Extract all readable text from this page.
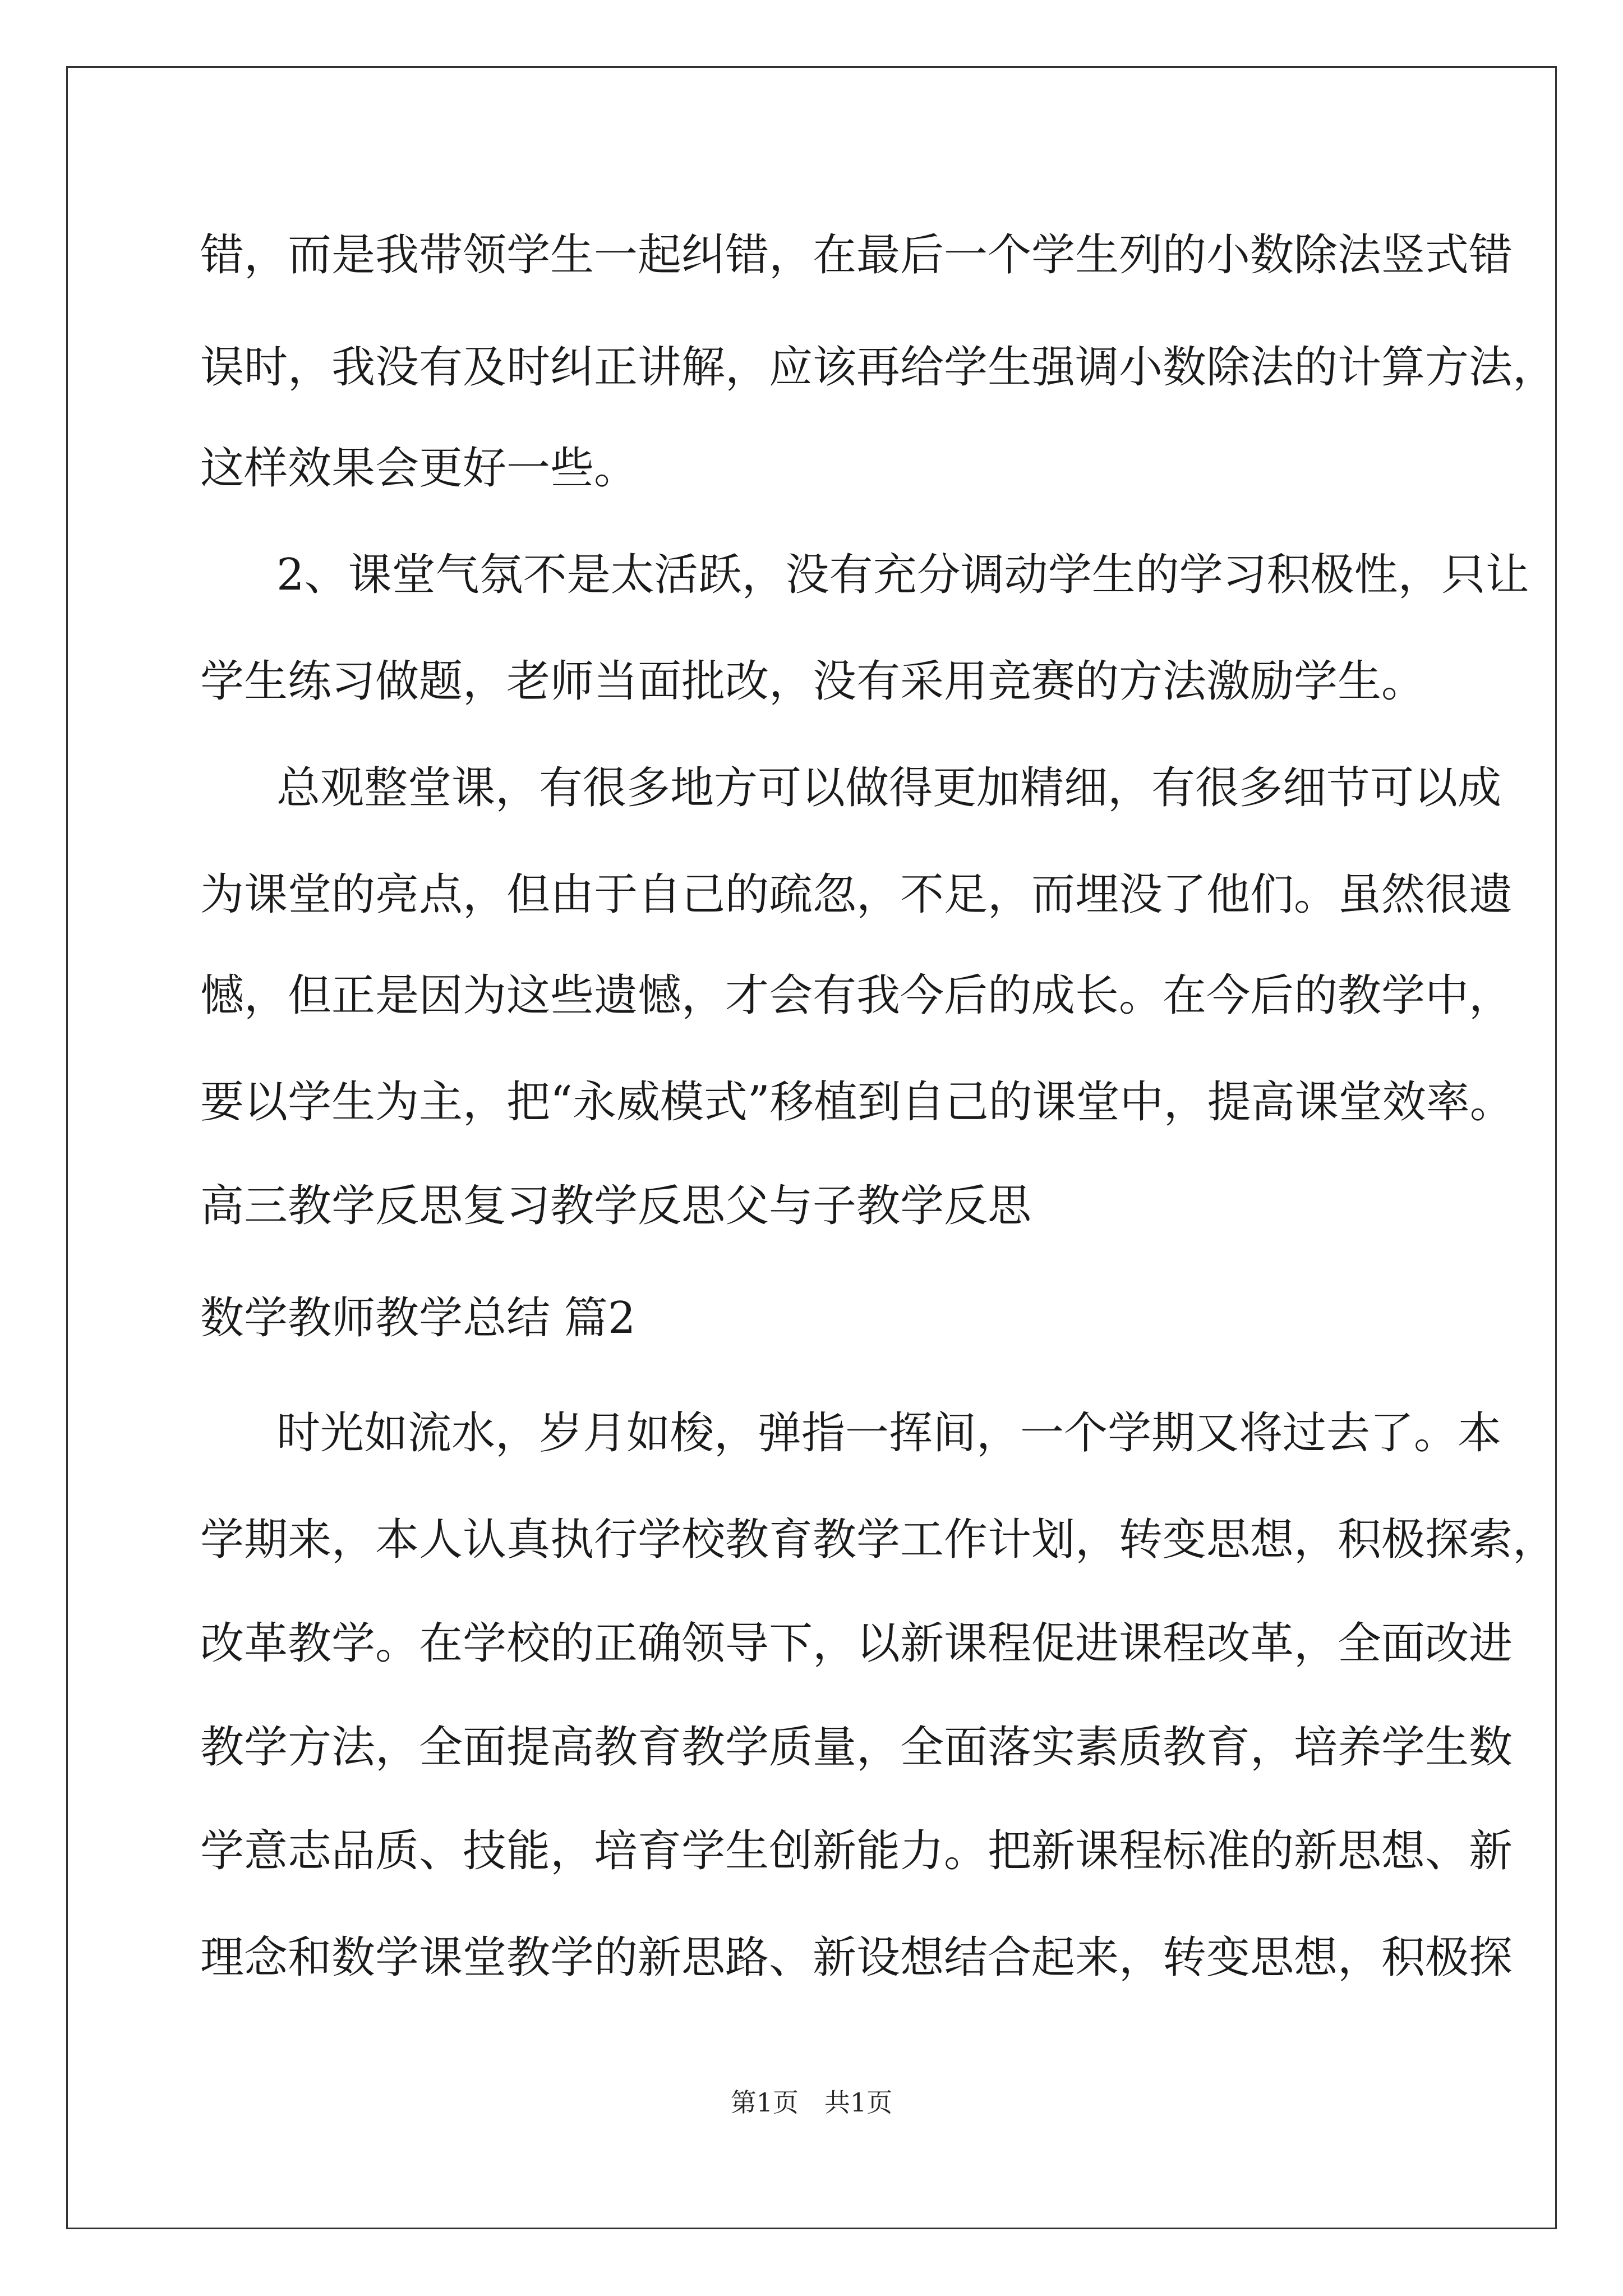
错，而是我带领学生一起纠错，在最后一个学生列的小数除法竖式错
误时，我没有及时纠正讲解，应该再给学生强调小数除法的计算方法，
这样效果会更好一些。
2、课堂气氛不是太活跃，没有充分调动学生的学习积极性，只让
学生练习做题，老师当面批改，没有采用竞赛的方法激励学生。
总观整堂课，有很多地方可以做得更加精细，有很多细节可以成
为课堂的亮点，但由于自己的疏忽，不足，而埋没了他们。虽然很遗
憾，但正是因为这些遗憾，才会有我今后的成长。在今后的教学中，
要以学生为主，把“永威模式”移植到自己的课堂中，提高课堂效率。
高三教学反思复习教学反思父与子教学反思
数学教师教学总结 篇2
时光如流水，岁月如梭，弹指一挥间，一个学期又将过去了。本
学期来，本人认真执行学校教育教学工作计划，转变思想，积极探索，
改革教学。在学校的正确领导下，以新课程促进课程改革，全面改进
教学方法，全面提高教育教学质量，全面落实素质教育，培养学生数
学意志品质、技能，培育学生创新能力。把新课程标准的新思想、新
理念和数学课堂教学的新思路、新设想结合起来，转变思想，积极探
第1页　共1页
